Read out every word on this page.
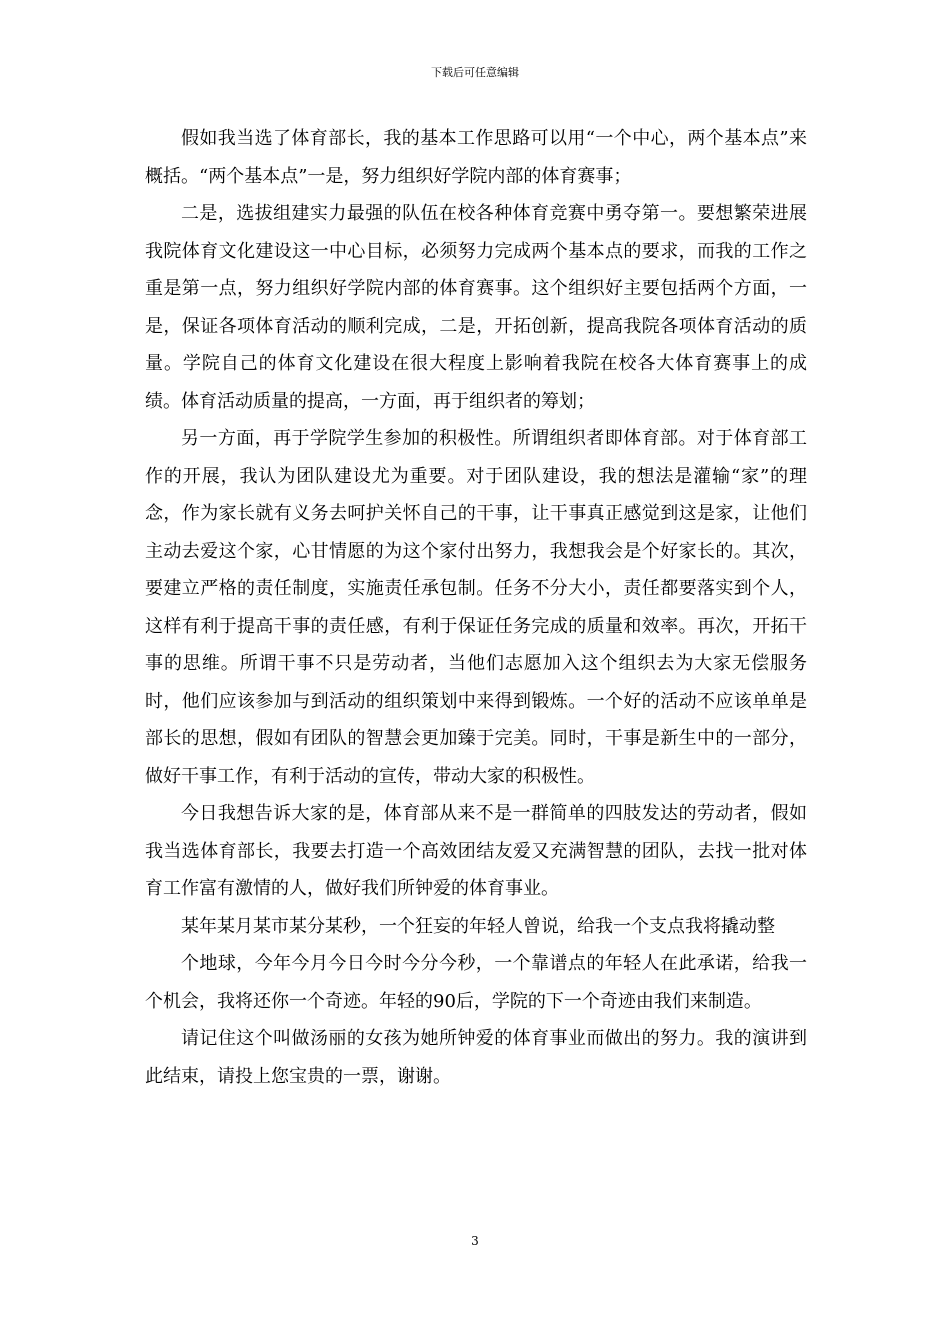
下载后可任意编辑

假如我当选了体育部长，我的基本工作思路可以用“一个中心，两个基本点”来概括。“两个基本点”一是，努力组织好学院内部的体育赛事；

二是，选拔组建实力最强的队伍在校各种体育竞赛中勇夺第一。要想繁荣进展我院体育文化建设这一中心目标，必须努力完成两个基本点的要求，而我的工作之重是第一点，努力组织好学院内部的体育赛事。这个组织好主要包括两个方面，一是，保证各项体育活动的顺利完成，二是，开拓创新，提高我院各项体育活动的质量。学院自己的体育文化建设在很大程度上影响着我院在校各大体育赛事上的成绩。体育活动质量的提高，一方面，再于组织者的筹划；

另一方面，再于学院学生参加的积极性。所谓组织者即体育部。对于体育部工作的开展，我认为团队建设尤为重要。对于团队建设，我的想法是灌输“家”的理念，作为家长就有义务去呵护关怀自己的干事，让干事真正感觉到这是家，让他们主动去爱这个家，心甘情愿的为这个家付出努力，我想我会是个好家长的。其次，要建立严格的责任制度，实施责任承包制。任务不分大小，责任都要落实到个人，这样有利于提高干事的责任感，有利于保证任务完成的质量和效率。再次，开拓干事的思维。所谓干事不只是劳动者，当他们志愿加入这个组织去为大家无偿服务时，他们应该参加与到活动的组织策划中来得到锻炼。一个好的活动不应该单单是部长的思想，假如有团队的智慧会更加臻于完美。同时，干事是新生中的一部分，做好干事工作，有利于活动的宣传，带动大家的积极性。

今日我想告诉大家的是，体育部从来不是一群简单的四肢发达的劳动者，假如我当选体育部长，我要去打造一个高效团结友爱又充满智慧的团队，去找一批对体育工作富有激情的人，做好我们所钟爱的体育事业。

某年某月某市某分某秒，一个狂妄的年轻人曾说，给我一个支点我将撬动整

个地球，今年今月今日今时今分今秒，一个靠谱点的年轻人在此承诺，给我一个机会，我将还你一个奇迹。年轻的90后，学院的下一个奇迹由我们来制造。

请记住这个叫做汤丽的女孩为她所钟爱的体育事业而做出的努力。我的演讲到此结束，请投上您宝贵的一票，谢谢。

3
